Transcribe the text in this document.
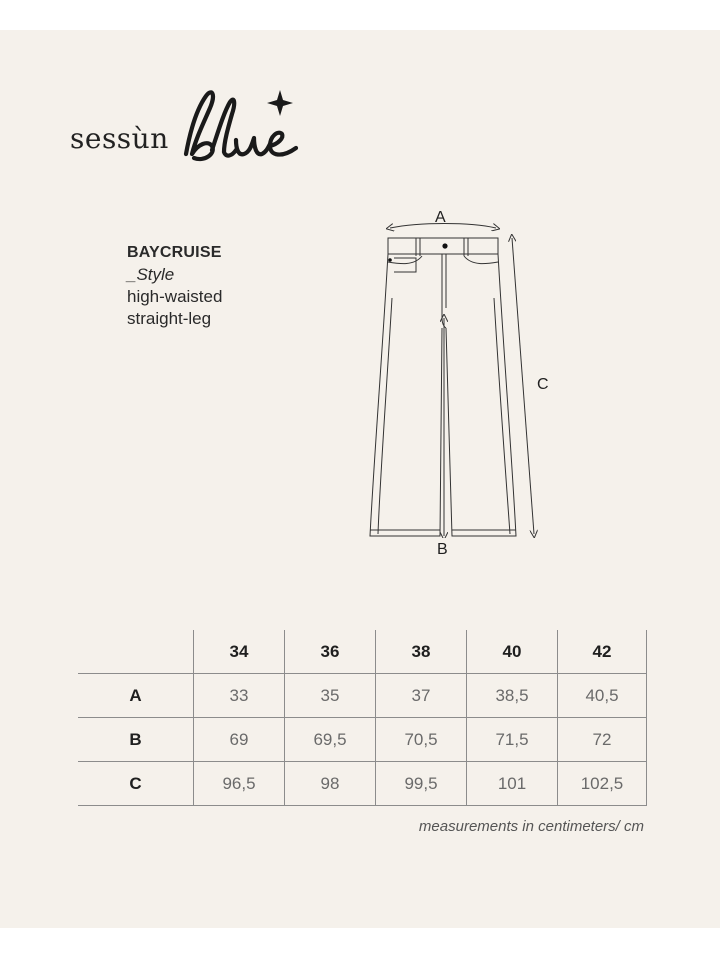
sessùn
blue
BAYCRUISE
_Style
high-waisted
straight-leg
A
B
C
	34	36	38	40	42
A	33	35	37	38,5	40,5
B	69	69,5	70,5	71,5	72
C	96,5	98	99,5	101	102,5
measurements in centimeters/ cm
